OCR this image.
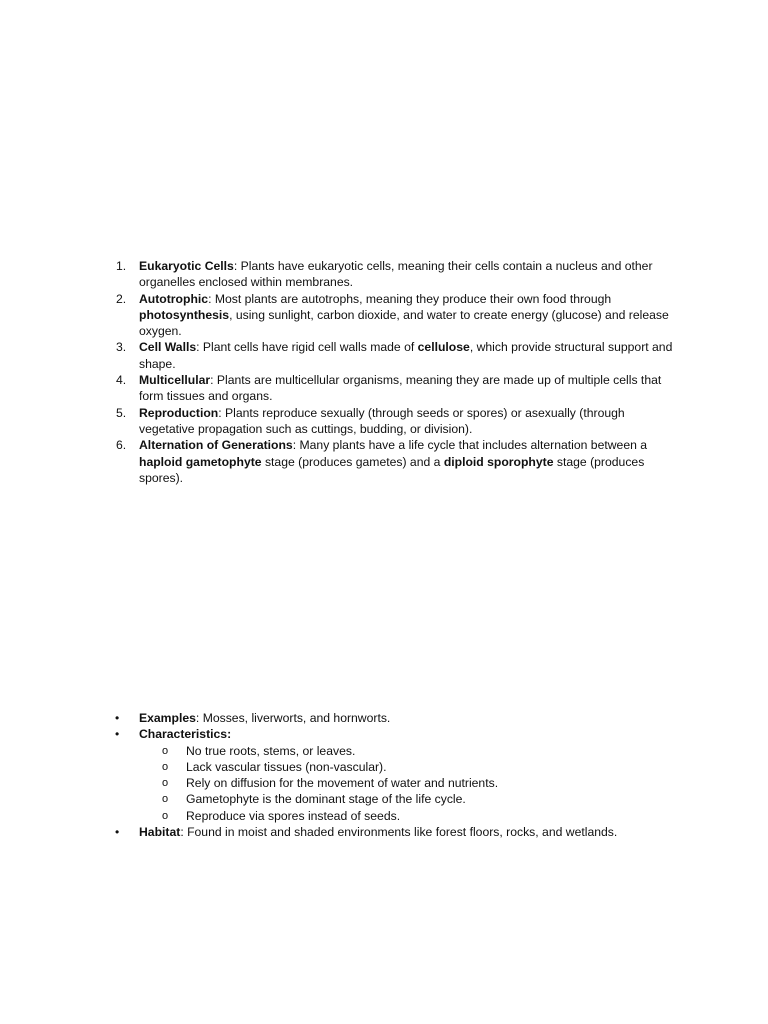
1. Eukaryotic Cells: Plants have eukaryotic cells, meaning their cells contain a nucleus and other organelles enclosed within membranes.
2. Autotrophic: Most plants are autotrophs, meaning they produce their own food through photosynthesis, using sunlight, carbon dioxide, and water to create energy (glucose) and release oxygen.
3. Cell Walls: Plant cells have rigid cell walls made of cellulose, which provide structural support and shape.
4. Multicellular: Plants are multicellular organisms, meaning they are made up of multiple cells that form tissues and organs.
5. Reproduction: Plants reproduce sexually (through seeds or spores) or asexually (through vegetative propagation such as cuttings, budding, or division).
6. Alternation of Generations: Many plants have a life cycle that includes alternation between a haploid gametophyte stage (produces gametes) and a diploid sporophyte stage (produces spores).
• Examples: Mosses, liverworts, and hornworts.
• Characteristics:
o No true roots, stems, or leaves.
o Lack vascular tissues (non-vascular).
o Rely on diffusion for the movement of water and nutrients.
o Gametophyte is the dominant stage of the life cycle.
o Reproduce via spores instead of seeds.
• Habitat: Found in moist and shaded environments like forest floors, rocks, and wetlands.
